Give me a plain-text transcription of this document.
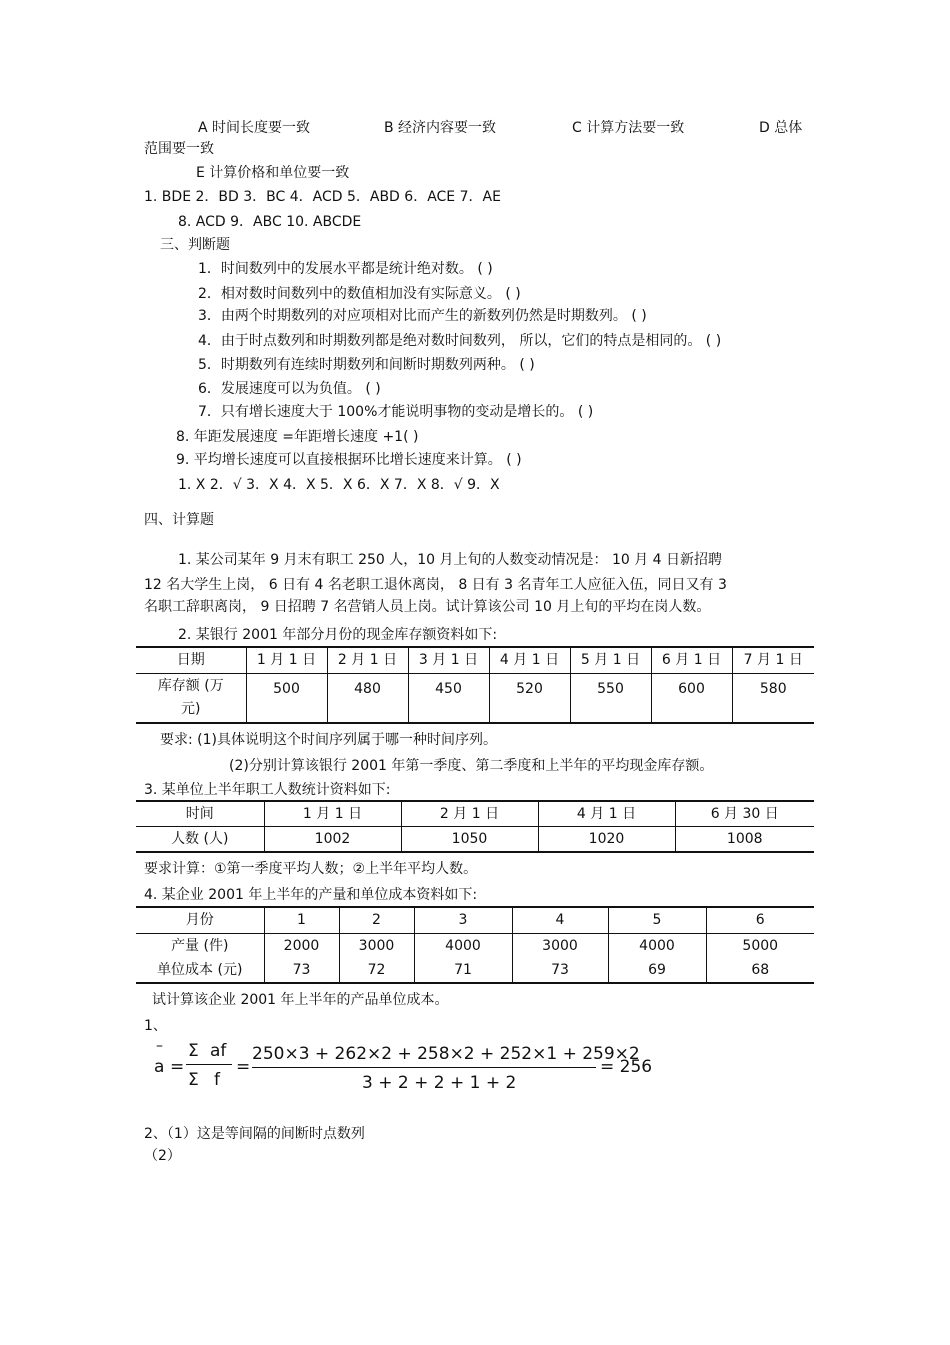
A 时间长度要一致	B 经济内容要一致	C 计算方法要一致	D 总体
范围要一致
E 计算价格和单位要一致
1. BDE 2．BD 3．BC 4．ACD 5．ABD 6．ACE 7．AE
8. ACD 9．ABC 10. ABCDE
三、判断题
1．时间数列中的发展水平都是统计绝对数。 ( )
2．相对数时间数列中的数值相加没有实际意义。 ( )
3．由两个时期数列的对应项相对比而产生的新数列仍然是时期数列。 ( )
4．由于时点数列和时期数列都是绝对数时间数列， 所以，它们的特点是相同的。 ( )
5．时期数列有连续时期数列和间断时期数列两种。 ( )
6．发展速度可以为负值。 ( )
7．只有增长速度大于 100%才能说明事物的变动是增长的。 ( )
8. 年距发展速度 =年距增长速度 +1( )
9. 平均增长速度可以直接根据环比增长速度来计算。 ( )
1. X 2．√ 3．X 4．X 5．X 6．X 7．X 8．√ 9．X
四、计算题
1. 某公司某年 9 月末有职工 250 人，10 月上旬的人数变动情况是： 10 月 4 日新招聘
12 名大学生上岗， 6 日有 4 名老职工退休离岗， 8 日有 3 名青年工人应征入伍，同日又有 3
名职工辞职离岗， 9 日招聘 7 名营销人员上岗。试计算该公司 10 月上旬的平均在岗人数。
2. 某银行 2001 年部分月份的现金库存额资料如下:
日期	1 月 1 日	2 月 1 日	3 月 1 日	4 月 1 日	5 月 1 日	6 月 1 日	7 月 1 日

库存额 (万
元)	500	480	450	520	550	600	580
要求: (1)具体说明这个时间序列属于哪一种时间序列。
(2)分别计算该银行 2001 年第一季度、第二季度和上半年的平均现金库存额。
3. 某单位上半年职工人数统计资料如下:
时间	1 月 1 日	2 月 1 日	4 月 1 日	6 月 30 日
人数 (人)	1002	1050	1020	1008
要求计算：①第一季度平均人数；②上半年平均人数。
4. 某企业 2001 年上半年的产量和单位成本资料如下:
月份	1	2	3	4	5	6
产量 (件)	2000	3000	4000	3000	4000	5000
单位成本 (元)	73	72	71	73	69	68
试计算该企业 2001 年上半年的产品单位成本。
1、
–
a =
Σ af
Σ f
=
250×3 + 262×2 + 258×2 + 252×1 + 259×2
3 + 2 + 2 + 1 + 2
= 256
2、（1）这是等间隔的间断时点数列
（2）
